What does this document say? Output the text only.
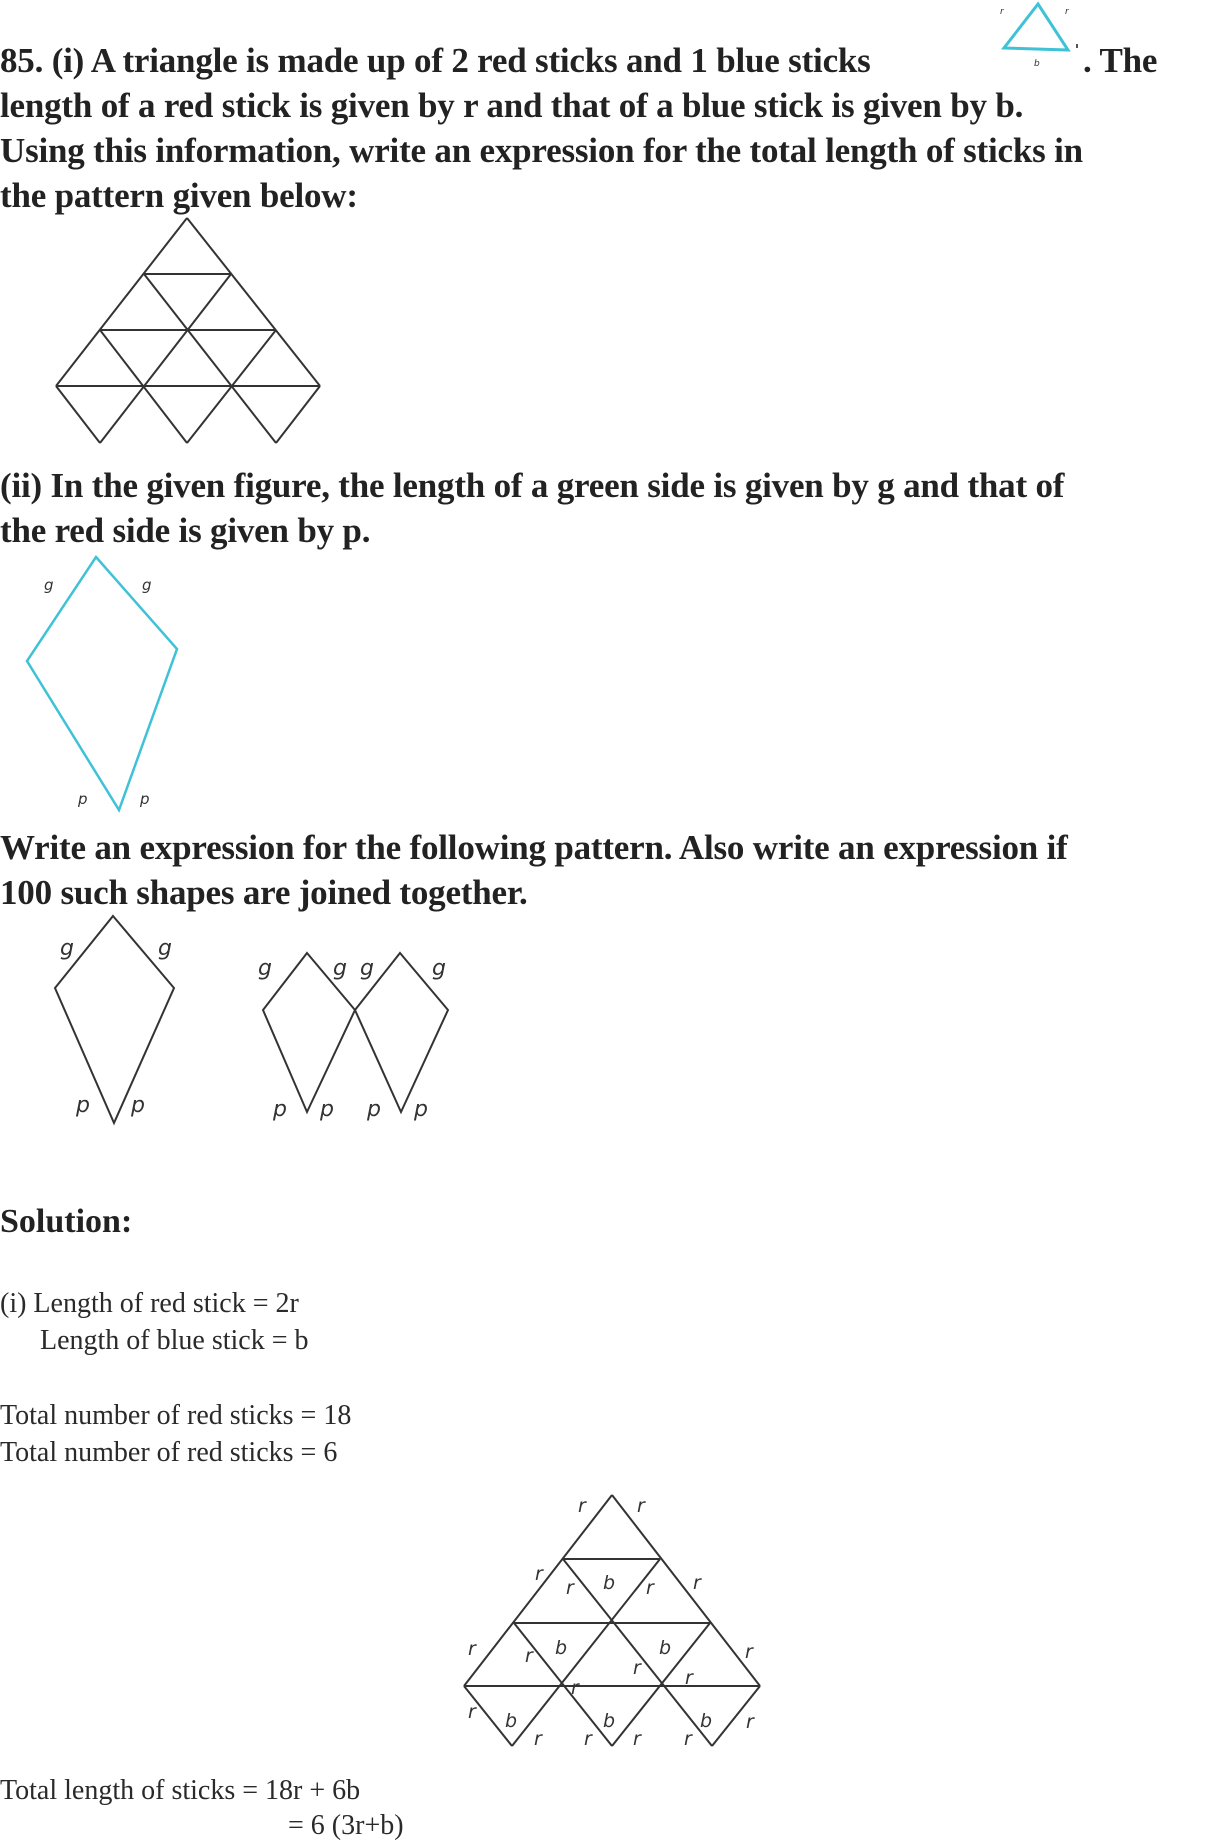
85. (i) A triangle is made up of 2 red sticks and 1 blue sticks	. The
r	r
b
length of a red stick is given by r and that of a blue stick is given by b.
Using this information, write an expression for the total length of sticks in
the pattern given below:
(ii) In the given figure, the length of a green side is given by g and that of
the red side is given by p.
g	g
p	p
Write an expression for the following pattern. Also write an expression if
100 such shapes are joined together.
g	g
p p
g	g g	g
p p p p
Solution:
(i) Length of red stick = 2r
Length of blue stick = b
Total number of red sticks = 18
Total number of red sticks = 6
r	r
r
r b r r
r	r b
r
b
r
r
r
r b
r r
b
r r
b r
Total length of sticks = 18r + 6b
= 6 (3r+b)
